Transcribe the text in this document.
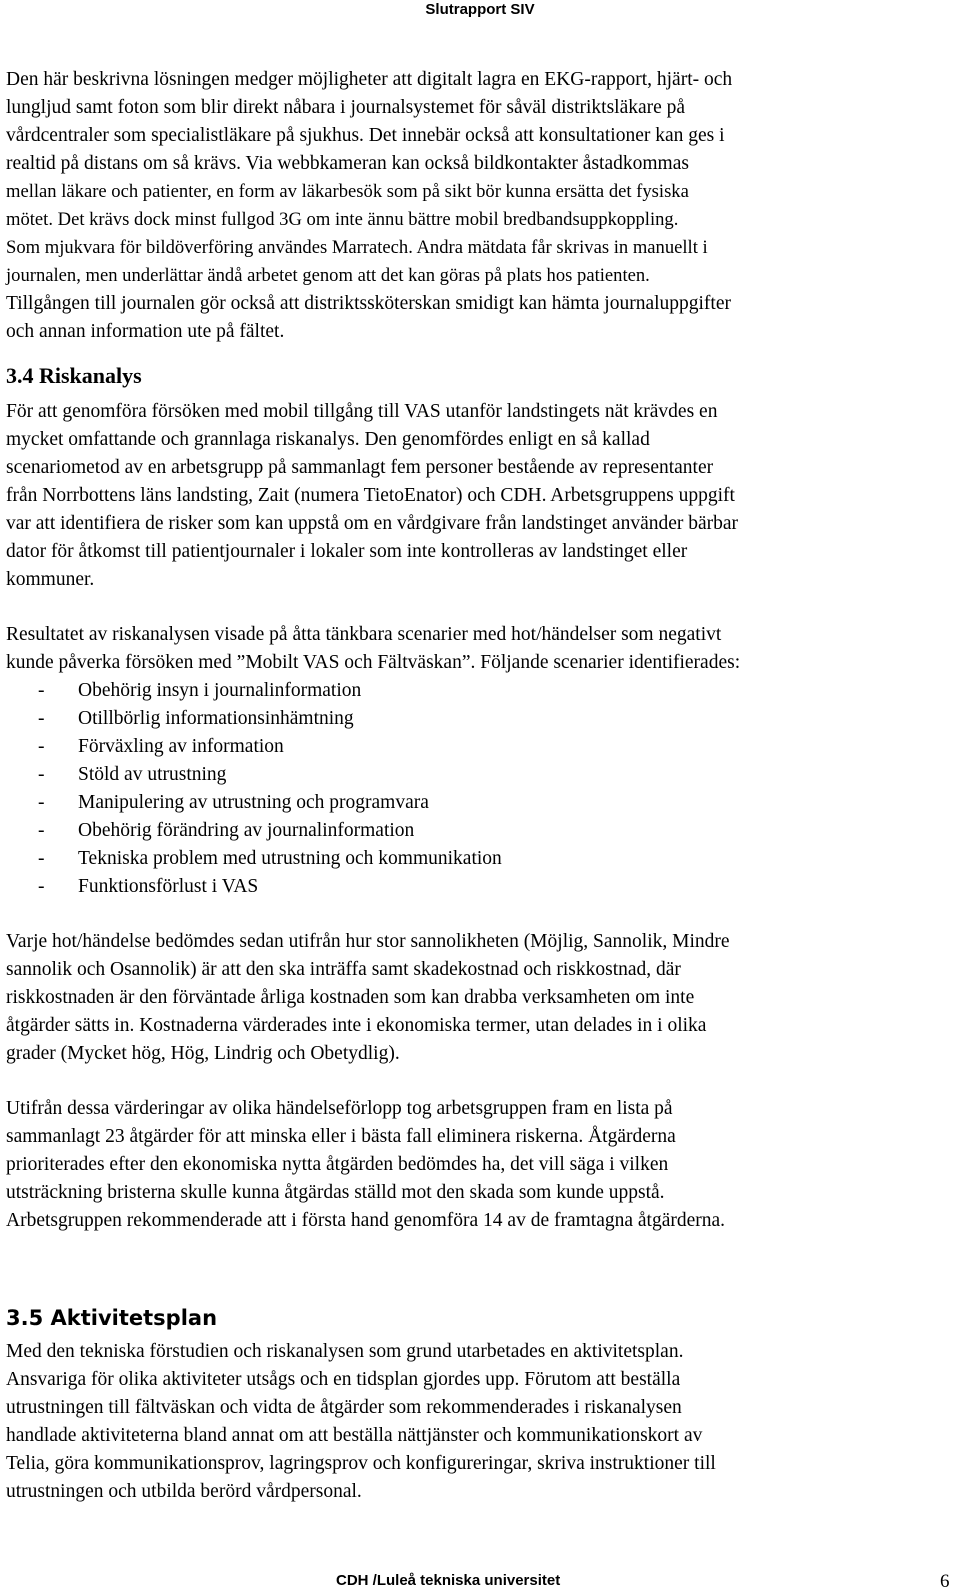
Slutrapport SIV
Den här beskrivna lösningen medger möjligheter att digitalt lagra en EKG-rapport, hjärt- och
lungljud samt foton som blir direkt nåbara i journalsystemet för såväl distriktsläkare på
vårdcentraler som specialistläkare på sjukhus. Det innebär också att konsultationer kan ges i
realtid på distans om så krävs. Via webbkameran kan också bildkontakter åstadkommas
mellan läkare och patienter, en form av läkarbesök som på sikt bör kunna ersätta det fysiska
mötet. Det krävs dock minst fullgod 3G om inte ännu bättre mobil bredbandsuppkoppling.
Som mjukvara för bildöverföring användes Marratech. Andra mätdata får skrivas in manuellt i
journalen, men underlättar ändå arbetet genom att det kan göras på plats hos patienten.
Tillgången till journalen gör också att distriktssköterskan smidigt kan hämta journaluppgifter
och annan information ute på fältet.
3.4 Riskanalys

För att genomföra försöken med mobil tillgång till VAS utanför landstingets nät krävdes en
mycket omfattande och grannlaga riskanalys. Den genomfördes enligt en så kallad
scenariometod av en arbetsgrupp på sammanlagt fem personer bestående av representanter
från Norrbottens läns landsting, Zait (numera TietoEnator) och CDH. Arbetsgruppens uppgift
var att identifiera de risker som kan uppstå om en vårdgivare från landstinget använder bärbar
dator för åtkomst till patientjournaler i lokaler som inte kontrolleras av landstinget eller
kommuner.

Resultatet av riskanalysen visade på åtta tänkbara scenarier med hot/händelser som negativt
kunde påverka försöken med ”Mobilt VAS och Fältväskan”. Följande scenarier identifierades:

- Obehörig insyn i journalinformation
- Otillbörlig informationsinhämtning
- Förväxling av information
- Stöld av utrustning
- Manipulering av utrustning och programvara
- Obehörig förändring av journalinformation
- Tekniska problem med utrustning och kommunikation
- Funktionsförlust i VAS

Varje hot/händelse bedömdes sedan utifrån hur stor sannolikheten (Möjlig, Sannolik, Mindre
sannolik och Osannolik) är att den ska inträffa samt skadekostnad och riskkostnad, där
riskkostnaden är den förväntade årliga kostnaden som kan drabba verksamheten om inte
åtgärder sätts in. Kostnaderna värderades inte i ekonomiska termer, utan delades in i olika
grader (Mycket hög, Hög, Lindrig och Obetydlig).

Utifrån dessa värderingar av olika händelseförlopp tog arbetsgruppen fram en lista på
sammanlagt 23 åtgärder för att minska eller i bästa fall eliminera riskerna. Åtgärderna
prioriterades efter den ekonomiska nytta åtgärden bedömdes ha, det vill säga i vilken
utsträckning bristerna skulle kunna åtgärdas ställd mot den skada som kunde uppstå.
Arbetsgruppen rekommenderade att i första hand genomföra 14 av de framtagna åtgärderna.

3.5 Aktivitetsplan

Med den tekniska förstudien och riskanalysen som grund utarbetades en aktivitetsplan.
Ansvariga för olika aktiviteter utsågs och en tidsplan gjordes upp. Förutom att beställa
utrustningen till fältväskan och vidta de åtgärder som rekommenderades i riskanalysen
handlade aktiviteterna bland annat om att beställa nättjänster och kommunikationskort av
Telia, göra kommunikationsprov, lagringsprov och konfigureringar, skriva instruktioner till
utrustningen och utbilda berörd vårdpersonal.

CDH /Luleå tekniska universitet	6
